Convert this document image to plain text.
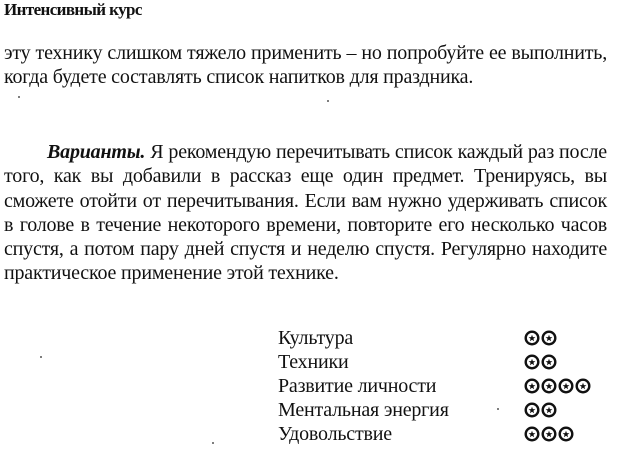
Интенсивный курс

эту технику слишком тяжело применить – но попробуйте ее выполнить, когда будете составлять список напитков для праздника.

Варианты. Я рекомендую перечитывать список каждый раз после того, как вы добавили в рассказ еще один предмет. Тренируясь, вы сможете отойти от перечитывания. Если вам нужно удерживать список в голове в течение некоторого времени, повторите его несколько часов спустя, а потом пару дней спустя и неделю спустя. Регулярно находите практическое применение этой технике.

Культура
Техники
Развитие личности
Ментальная энергия
Удовольствие
